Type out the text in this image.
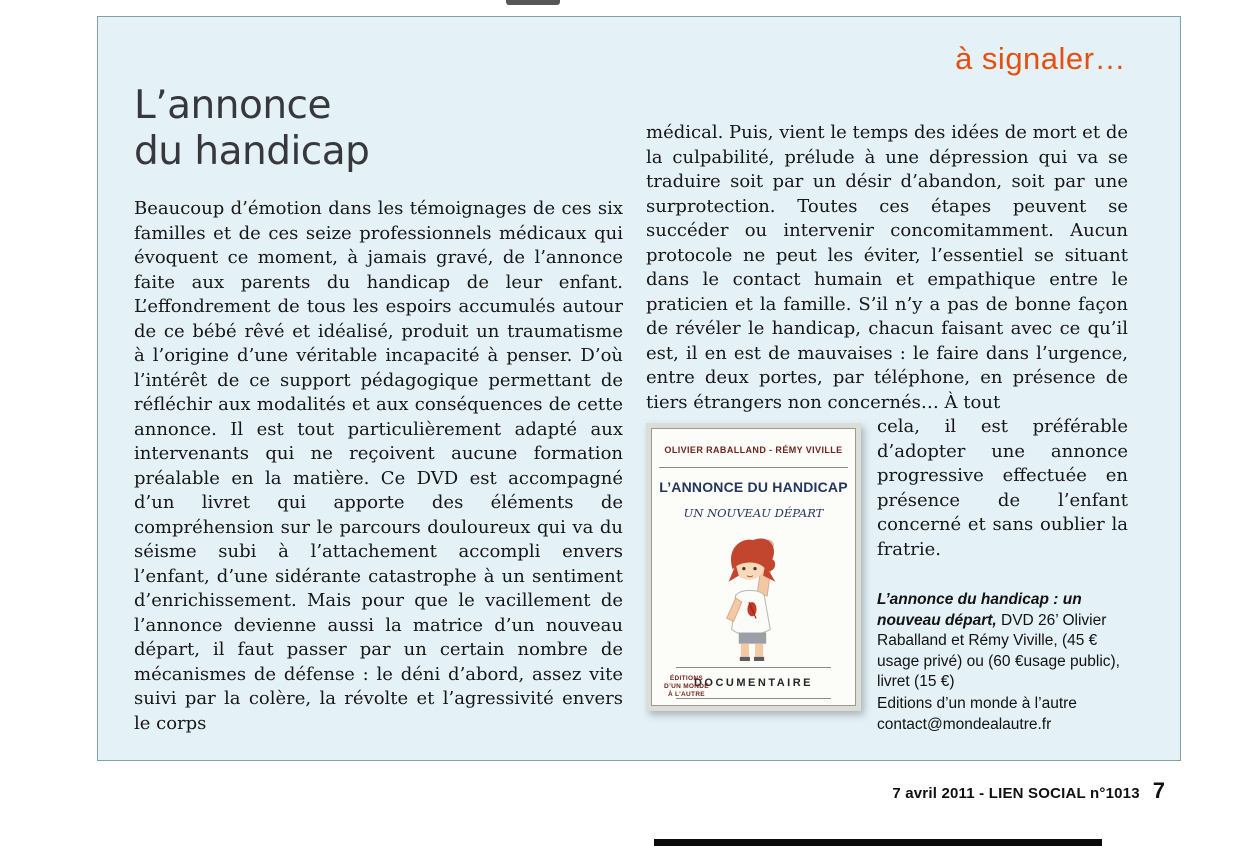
à signaler…
L’annonce
du handicap

Beaucoup d’émotion dans les témoignages de ces six familles et de ces seize professionnels médicaux qui évoquent ce moment, à jamais gravé, de l’annonce faite aux parents du handicap de leur enfant. L’effondrement de tous les espoirs accumulés autour de ce bébé rêvé et idéalisé, produit un traumatisme à l’origine d’une véritable incapacité à penser. D’où l’intérêt de ce support pédagogique permettant de réfléchir aux modalités et aux conséquences de cette annonce. Il est tout particulièrement adapté aux intervenants qui ne reçoivent aucune formation préalable en la matière. Ce DVD est accompagné d’un livret qui apporte des éléments de compréhension sur le parcours douloureux qui va du séisme subi à l’attachement accompli envers l’enfant, d’une sidérante catastrophe à un sentiment d’enrichissement. Mais pour que le vacillement de l’annonce devienne aussi la matrice d’un nouveau départ, il faut passer par un certain nombre de mécanismes de défense : le déni d’abord, assez vite suivi par la colère, la révolte et l’agressivité envers le corps

médical. Puis, vient le temps des idées de mort et de la culpabilité, prélude à une dépression qui va se traduire soit par un désir d’abandon, soit par une surprotection. Toutes ces étapes peuvent se succéder ou intervenir concomitamment. Aucun protocole ne peut les éviter, l’essentiel se situant dans le contact humain et empathique entre le praticien et la famille. S’il n’y a pas de bonne façon de révéler le handicap, chacun faisant avec ce qu’il est, il en est de mauvaises : le faire dans l’urgence, entre deux portes, par téléphone, en présence de tiers étrangers non concernés… À tout

OLIVIER RABALLAND - RÉMY VIVILLE
L’ANNONCE DU HANDICAP
UN NOUVEAU DÉPART
DOCUMENTAIRE
ÉDITIONS
D’UN MONDE
À L’AUTRE

cela, il est préférable d’adopter une annonce progressive effectuée en présence de l’enfant concerné et sans oublier la fratrie.

L’annonce du handicap : un nouveau départ, DVD 26’ Olivier Raballand et Rémy Viville, (45 € usage privé) ou (60 €usage public), livret (15 €)

Editions d’un monde à l’autre

contact@mondealautre.fr

7 avril 2011 - LIEN SOCIAL n°1013 7
